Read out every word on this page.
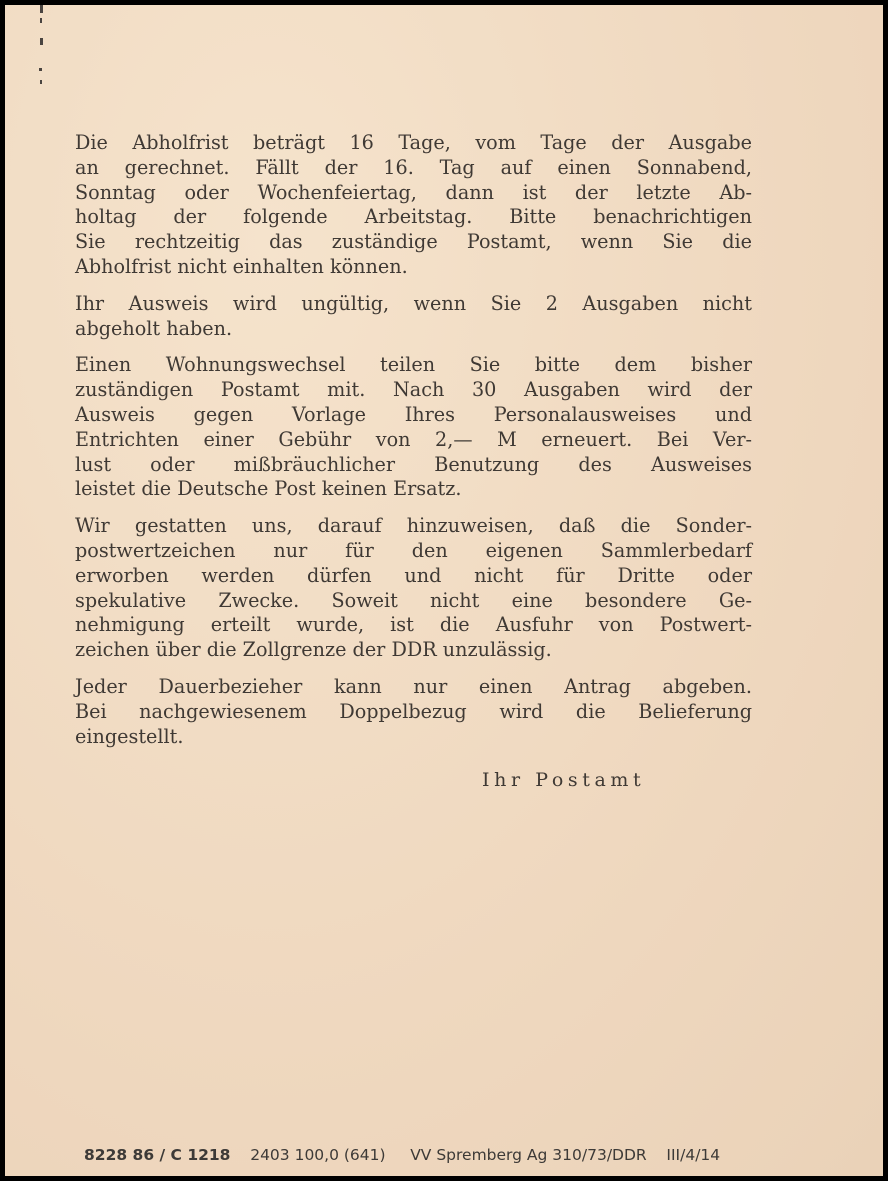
Die Abholfrist beträgt 16 Tage, vom Tage der Ausgabe
an gerechnet. Fällt der 16. Tag auf einen Sonnabend,
Sonntag oder Wochenfeiertag, dann ist der letzte Ab-
holtag der folgende Arbeitstag. Bitte benachrichtigen
Sie rechtzeitig das zuständige Postamt, wenn Sie die
Abholfrist nicht einhalten können.

Ihr Ausweis wird ungültig, wenn Sie 2 Ausgaben nicht
abgeholt haben.

Einen Wohnungswechsel teilen Sie bitte dem bisher
zuständigen Postamt mit. Nach 30 Ausgaben wird der
Ausweis gegen Vorlage Ihres Personalausweises und
Entrichten einer Gebühr von 2,— M erneuert. Bei Ver-
lust oder mißbräuchlicher Benutzung des Ausweises
leistet die Deutsche Post keinen Ersatz.

Wir gestatten uns, darauf hinzuweisen, daß die Sonder-
postwertzeichen nur für den eigenen Sammlerbedarf
erworben werden dürfen und nicht für Dritte oder
spekulative Zwecke. Soweit nicht eine besondere Ge-
nehmigung erteilt wurde, ist die Ausfuhr von Postwert-
zeichen über die Zollgrenze der DDR unzulässig.

Jeder Dauerbezieher kann nur einen Antrag abgeben.
Bei nachgewiesenem Doppelbezug wird die Belieferung
eingestellt.

Ihr Postamt
8228 86 / C 1218 2403 100,0 (641) VV Spremberg Ag 310/73/DDR III/4/14
